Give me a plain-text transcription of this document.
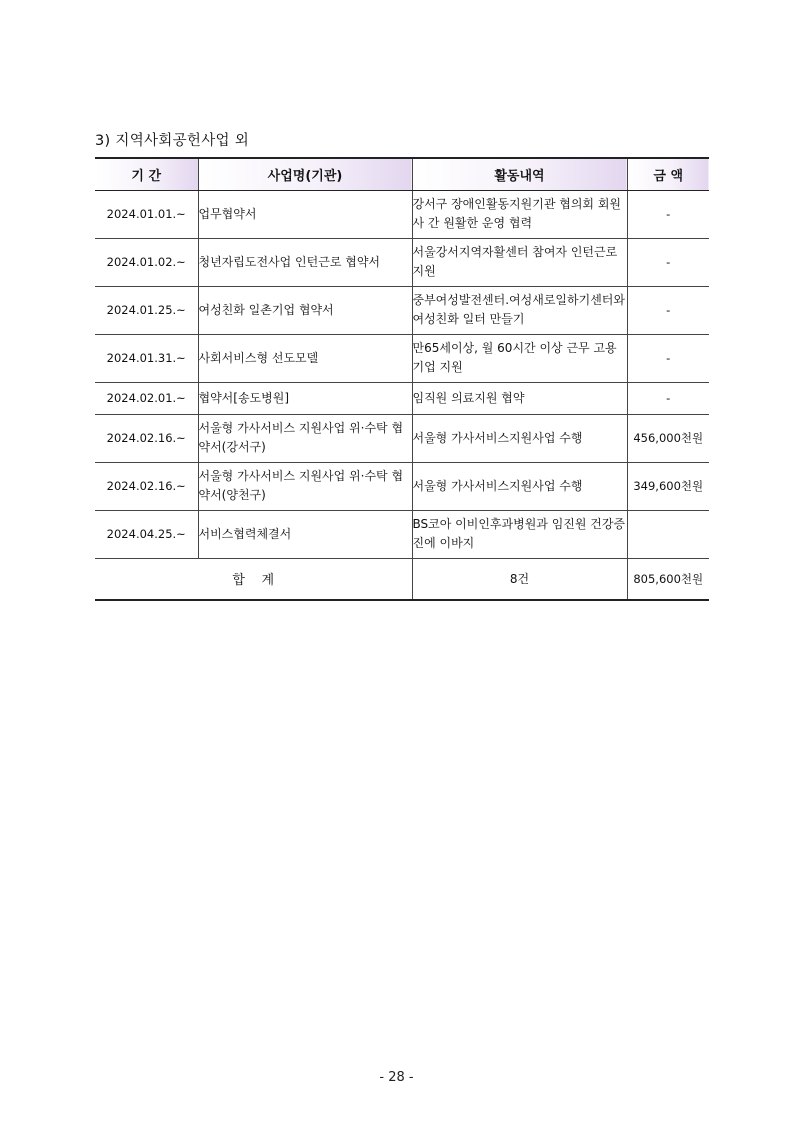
3) 지역사회공헌사업 외
기 간	사업명(기관)	활동내역	금 액
2024.01.01.~	업무협약서	강서구 장애인활동지원기관 협의회 회원사 간 원활한 운영 협력	-
2024.01.02.~	청년자립도전사업 인턴근로 협약서	서울강서지역자활센터 참여자 인턴근로 지원	-
2024.01.25.~	여성친화 일촌기업 협약서	중부여성발전센터.여성새로일하기센터와 여성친화 일터 만들기	-
2024.01.31.~	사회서비스형 선도모델	만65세이상, 월 60시간 이상 근무 고용기업 지원	-
2024.02.01.~	협약서[송도병원]	임직원 의료지원 협약	-
2024.02.16.~	서울형 가사서비스 지원사업 위·수탁 협약서(강서구)	서울형 가사서비스지원사업 수행	456,000천원
2024.02.16.~	서울형 가사서비스 지원사업 위·수탁 협약서(양천구)	서울형 가사서비스지원사업 수행	349,600천원
2024.04.25.~	서비스협력체결서	BS코아 이비인후과병원과 임진원 건강증진에 이바지	
합    계		8건	805,600천원
- 28 -
